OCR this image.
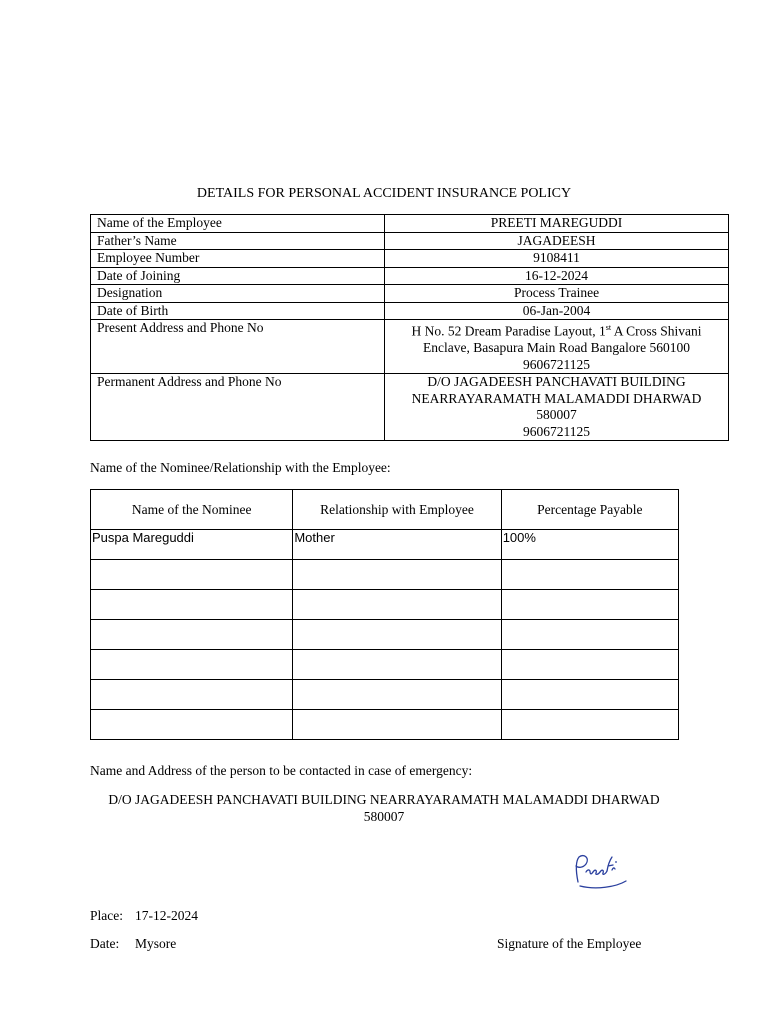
DETAILS FOR PERSONAL ACCIDENT INSURANCE POLICY
Name of the Employee	PREETI MAREGUDDI
Father’s Name	JAGADEESH
Employee Number	9108411
Date of Joining	16-12-2024
Designation	Process Trainee
Date of Birth	06-Jan-2004
Present Address and Phone No	H No. 52 Dream Paradise Layout, 1st A Cross Shivani
Enclave, Basapura Main Road Bangalore 560100
9606721125

Permanent Address and Phone No	D/O JAGADEESH PANCHAVATI BUILDING
NEARRAYARAMATH MALAMADDI DHARWAD
580007
9606721125
Name of the Nominee/Relationship with the Employee:
Name of the Nominee	Relationship with Employee	Percentage Payable
Puspa Mareguddi	Mother	100%

Name and Address of the person to be contacted in case of emergency:
D/O JAGADEESH PANCHAVATI BUILDING NEARRAYARAMATH MALAMADDI DHARWAD
580007
Place: 17-12-2024
Date: Mysore	Signature of the Employee
